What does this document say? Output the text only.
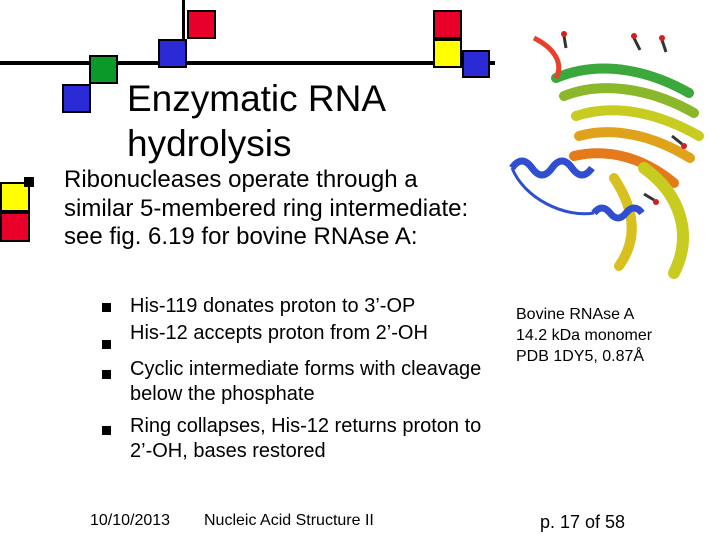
Enzymatic RNA hydrolysis
Ribonucleases operate through a similar 5-membered ring intermediate: see fig. 6.19 for bovine RNAse A:
His-119 donates proton to 3’-OP
His-12 accepts proton from 2’-OH
Cyclic intermediate forms with cleavage below the phosphate
Ring collapses, His-12 returns proton to 2’-OH, bases restored
Bovine RNAse A
14.2 kDa monomer
PDB 1DY5, 0.87Å
10/10/2013 Nucleic Acid Structure II	p. 17 of 58
